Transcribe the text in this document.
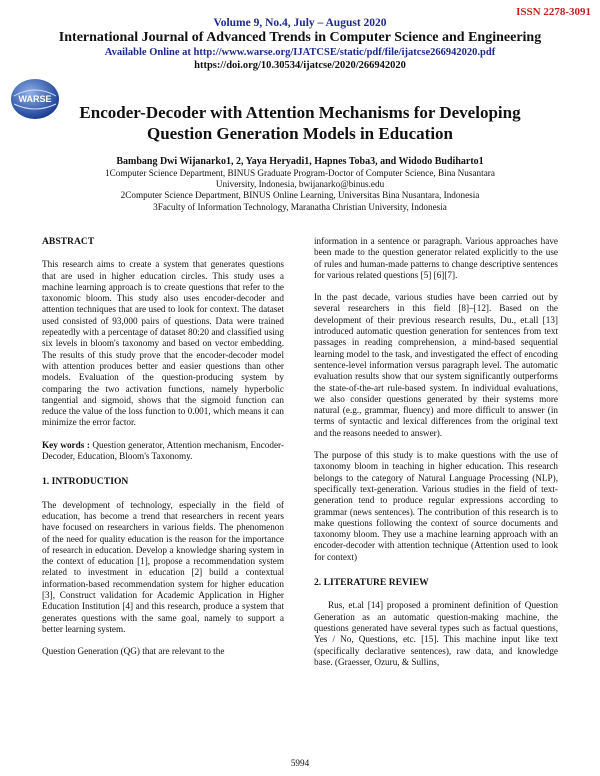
ISSN 2278-3091
Volume 9, No.4, July – August 2020
International Journal of Advanced Trends in Computer Science and Engineering
Available Online at http://www.warse.org/IJATCSE/static/pdf/file/ijatcse266942020.pdf
https://doi.org/10.30534/ijatcse/2020/266942020
WARSE
Encoder-Decoder with Attention Mechanisms for Developing
Question Generation Models in Education
Bambang Dwi Wijanarko1, 2, Yaya Heryadi1, Hapnes Toba3, and Widodo Budiharto1
1Computer Science Department, BINUS Graduate Program-Doctor of Computer Science, Bina Nusantara
University, Indonesia, bwijanarko@binus.edu
2Computer Science Department, BINUS Online Learning, Universitas Bina Nusantara, Indonesia
3Faculty of Information Technology, Maranatha Christian University, Indonesia

ABSTRACT

This research aims to create a system that generates questions that are used in higher education circles. This study uses a machine learning approach is to create questions that refer to the taxonomic bloom. This study also uses encoder-decoder and attention techniques that are used to look for context. The dataset used consisted of 93,000 pairs of questions. Data were trained repeatedly with a percentage of dataset 80:20 and classified using six levels in bloom's taxonomy and based on vector embedding. The results of this study prove that the encoder-decoder model with attention produces better and easier questions than other models. Evaluation of the question-producing system by comparing the two activation functions, namely hyperbolic tangential and sigmoid, shows that the sigmoid function can reduce the value of the loss function to 0.001, which means it can minimize the error factor.

Key words : Question generator, Attention mechanism, Encoder-Decoder, Education, Bloom's Taxonomy.

1. INTRODUCTION

The development of technology, especially in the field of education, has become a trend that researchers in recent years have focused on researchers in various fields. The phenomenon of the need for quality education is the reason for the importance of research in education. Develop a knowledge sharing system in the context of education [1], propose a recommendation system related to investment in education [2] build a contextual information-based recommendation system for higher education [3], Construct validation for Academic Application in Higher Education Institution [4] and this research, produce a system that generates questions with the same goal, namely to support a better learning system.

Question Generation (QG) that are relevant to the

information in a sentence or paragraph. Various approaches have been made to the question generator related explicitly to the use of rules and human-made patterns to change descriptive sentences for various related questions [5] [6][7].

In the past decade, various studies have been carried out by several researchers in this field [8]–[12]. Based on the development of their previous research results, Du., et.all [13] introduced automatic question generation for sentences from text passages in reading comprehension, a mind-based sequential learning model to the task, and investigated the effect of encoding sentence-level information versus paragraph level. The automatic evaluation results show that our system significantly outperforms the state-of-the-art rule-based system. In individual evaluations, we also consider questions generated by their systems more natural (e.g., grammar, fluency) and more difficult to answer (in terms of syntactic and lexical differences from the original text and the reasons needed to answer).

The purpose of this study is to make questions with the use of taxonomy bloom in teaching in higher education. This research belongs to the category of Natural Language Processing (NLP), specifically text-generation. Various studies in the field of text-generation tend to produce regular expressions according to grammar (news sentences). The contribution of this research is to make questions following the context of source documents and taxonomy bloom. They use a machine learning approach with an encoder-decoder with attention technique (Attention used to look for context)

2. LITERATURE REVIEW

Rus, et.al [14] proposed a prominent definition of Question Generation as an automatic question-making machine, the questions generated have several types such as factual questions, Yes / No, Questions, etc. [15]. This machine input like text (specifically declarative sentences), raw data, and knowledge base. (Graesser, Ozuru, & Sullins,

5994
